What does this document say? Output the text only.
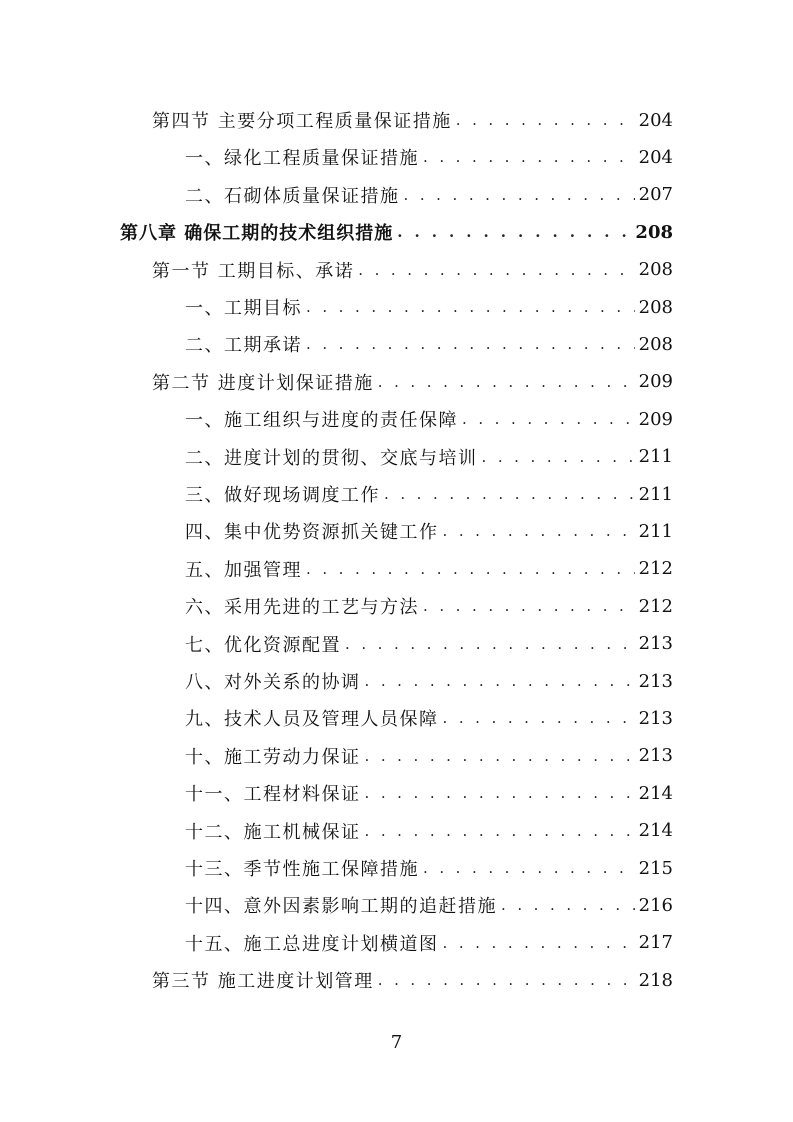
第四节 主要分项工程质量保证措施 . . .	204
一、绿化工程质量保证措施 . . .	204
二、石砌体质量保证措施 . . .	207
第八章 确保工期的技术组织措施 . . .	208
第一节 工期目标、承诺 . . .	208
一、工期目标 . . .	208
二、工期承诺 . . .	208
第二节 进度计划保证措施 . . .	209
一、施工组织与进度的责任保障 . . .	209
二、进度计划的贯彻、交底与培训 . . .	211
三、做好现场调度工作 . . .	211
四、集中优势资源抓关键工作 . . .	211
五、加强管理 . . .	212
六、采用先进的工艺与方法 . . .	212
七、优化资源配置 . . .	213
八、对外关系的协调 . . .	213
九、技术人员及管理人员保障 . . .	213
十、施工劳动力保证 . . .	213
十一、工程材料保证 . . .	214
十二、施工机械保证 . . .	214
十三、季节性施工保障措施 . . .	215
十四、意外因素影响工期的追赶措施 . . .	216
十五、施工总进度计划横道图 . . .	217
第三节 施工进度计划管理 . . .	218
7
